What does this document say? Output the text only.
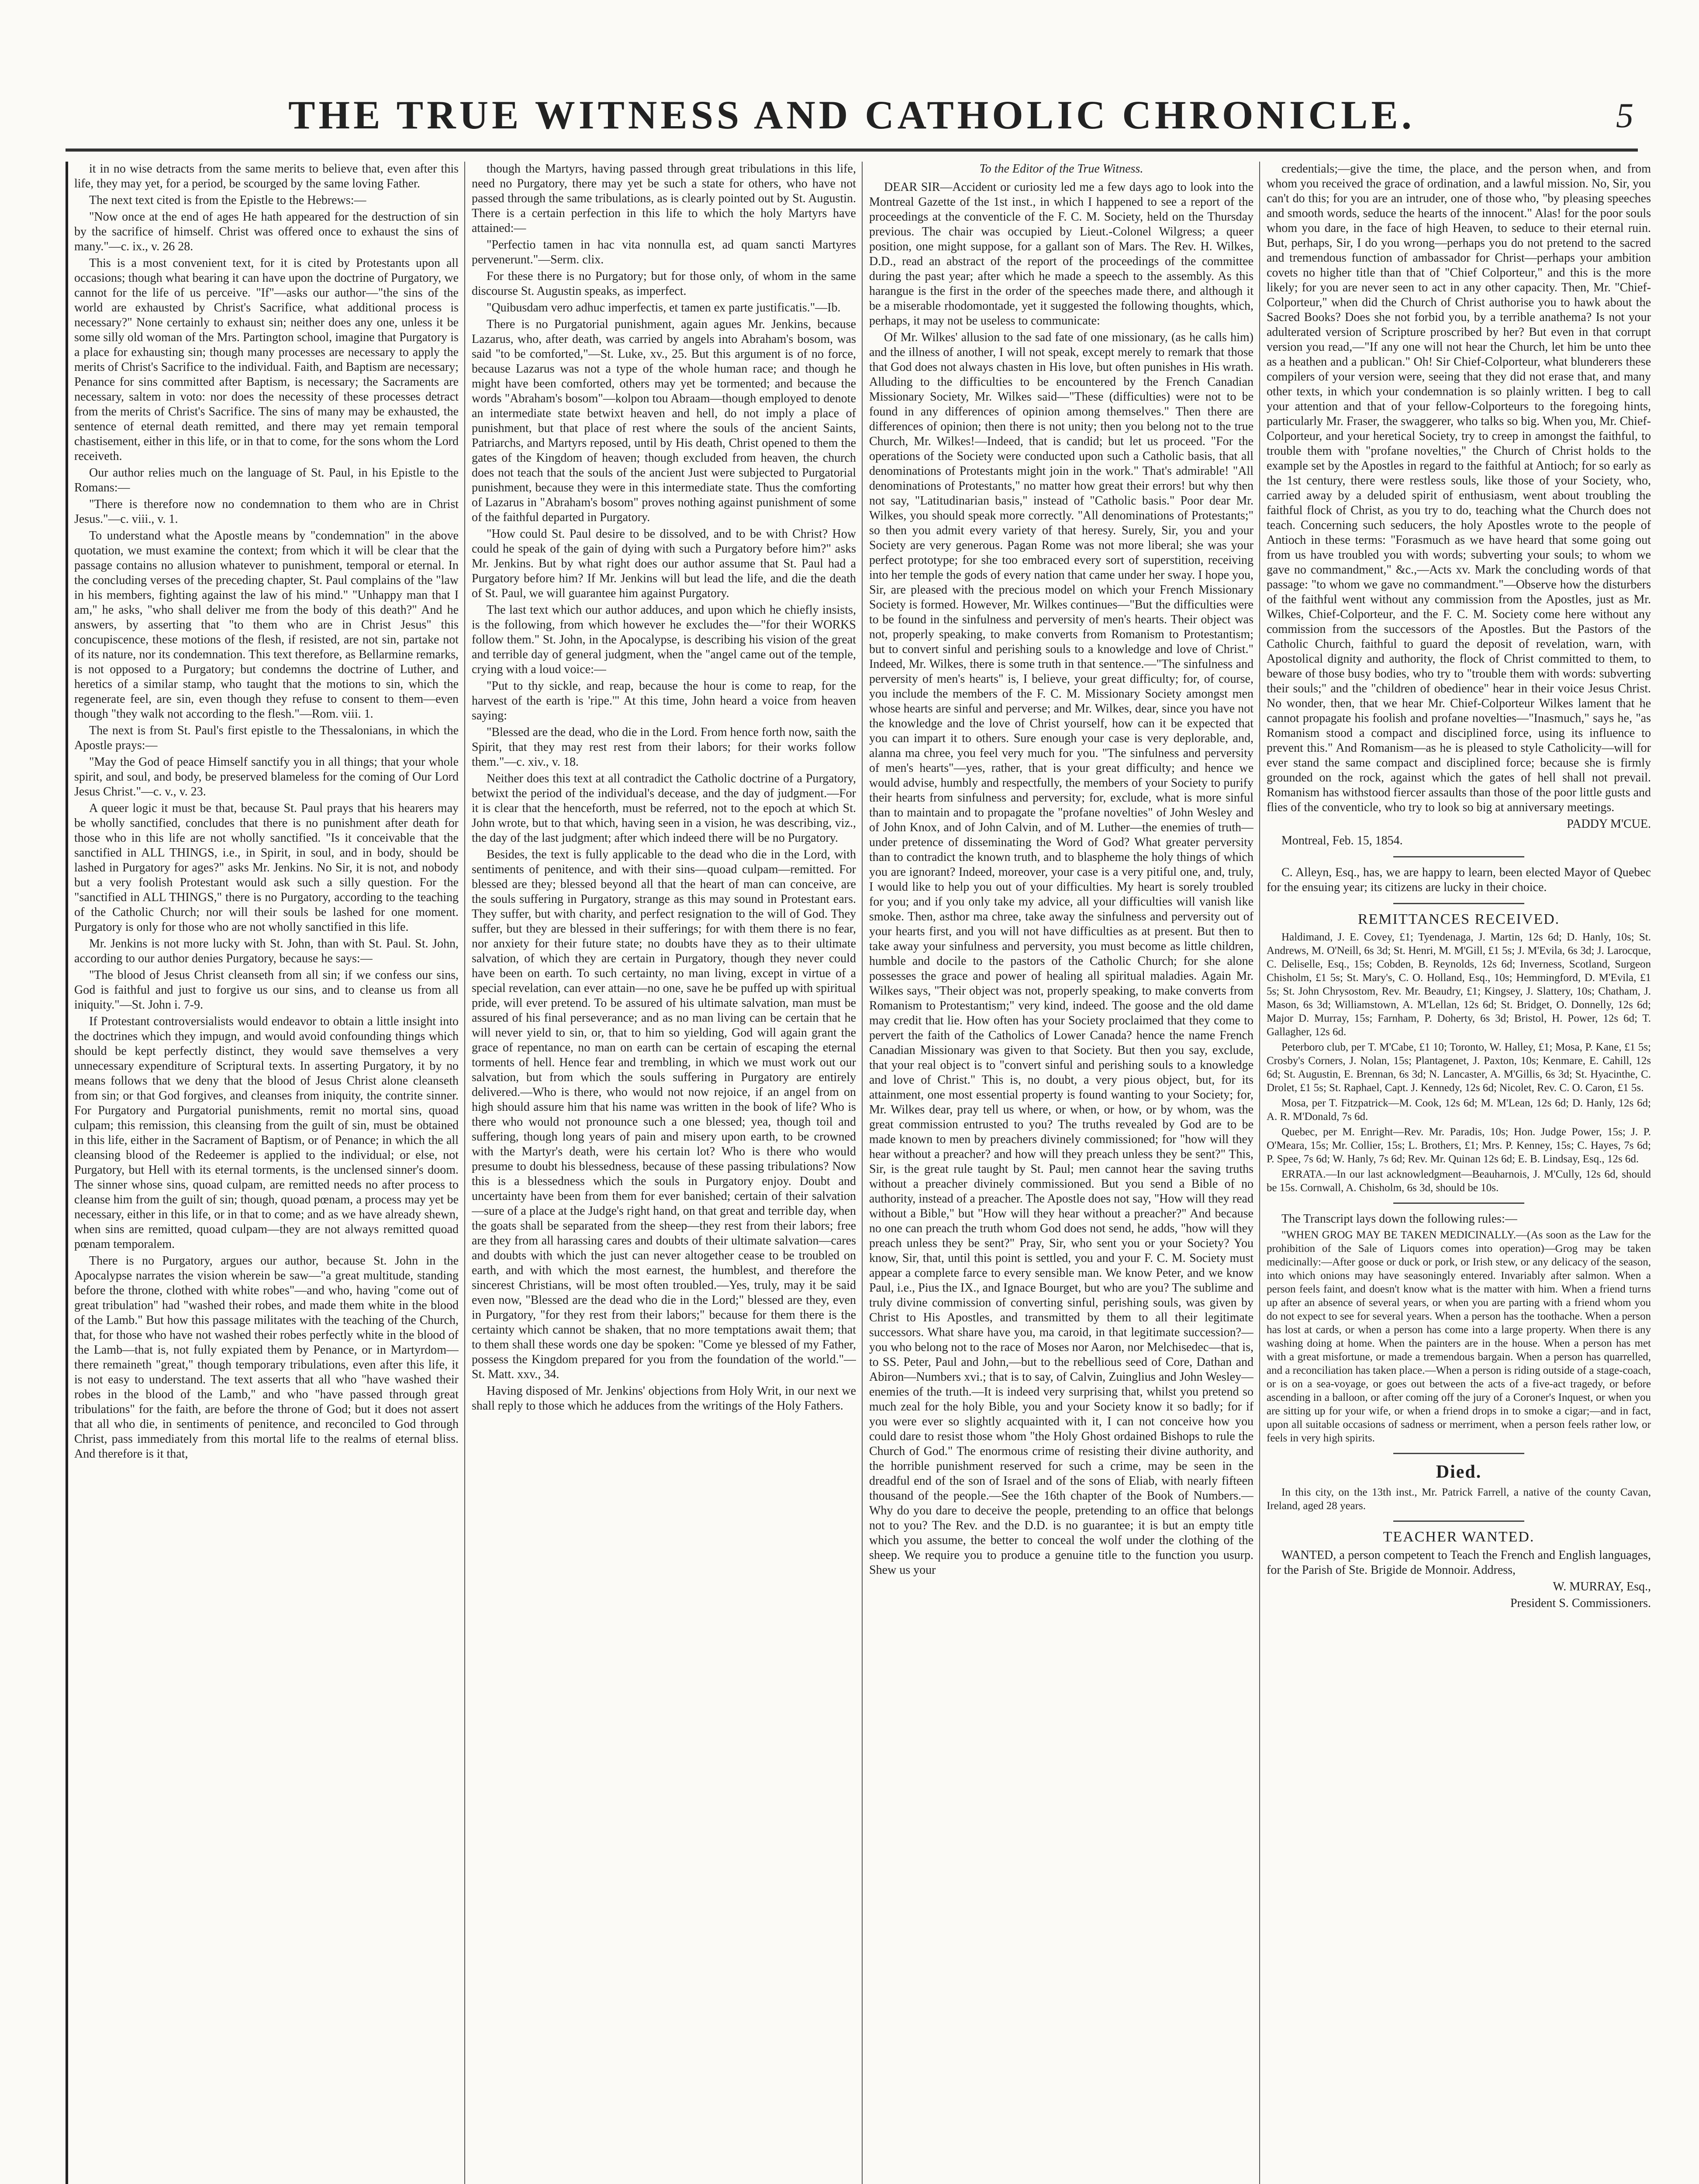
THE TRUE WITNESS AND CATHOLIC CHRONICLE.	5

it in no wise detracts from the same merits to believe that, even after this life, they may yet, for a period, be scourged by the same loving Father.

The next text cited is from the Epistle to the Hebrews:—

"Now once at the end of ages He hath appeared for the destruction of sin by the sacrifice of himself. Christ was offered once to exhaust the sins of many."—c. ix., v. 26 28.

This is a most convenient text, for it is cited by Protestants upon all occasions; though what bearing it can have upon the doctrine of Purgatory, we cannot for the life of us perceive. "If"—asks our author—"the sins of the world are exhausted by Christ's Sacrifice, what additional process is necessary?" None certainly to exhaust sin; neither does any one, unless it be some silly old woman of the Mrs. Partington school, imagine that Purgatory is a place for exhausting sin; though many processes are necessary to apply the merits of Christ's Sacrifice to the individual. Faith, and Baptism are necessary; Penance for sins committed after Baptism, is necessary; the Sacraments are necessary, saltem in voto: nor does the necessity of these processes detract from the merits of Christ's Sacrifice. The sins of many may be exhausted, the sentence of eternal death remitted, and there may yet remain temporal chastisement, either in this life, or in that to come, for the sons whom the Lord receiveth.

Our author relies much on the language of St. Paul, in his Epistle to the Romans:—

"There is therefore now no condemnation to them who are in Christ Jesus."—c. viii., v. 1.

To understand what the Apostle means by "condemnation" in the above quotation, we must examine the context; from which it will be clear that the passage contains no allusion whatever to punishment, temporal or eternal. In the concluding verses of the preceding chapter, St. Paul complains of the "law in his members, fighting against the law of his mind." "Unhappy man that I am," he asks, "who shall deliver me from the body of this death?" And he answers, by asserting that "to them who are in Christ Jesus" this concupiscence, these motions of the flesh, if resisted, are not sin, partake not of its nature, nor its condemnation. This text therefore, as Bellarmine remarks, is not opposed to a Purgatory; but condemns the doctrine of Luther, and heretics of a similar stamp, who taught that the motions to sin, which the regenerate feel, are sin, even though they refuse to consent to them—even though "they walk not according to the flesh."—Rom. viii. 1.

The next is from St. Paul's first epistle to the Thessalonians, in which the Apostle prays:—

"May the God of peace Himself sanctify you in all things; that your whole spirit, and soul, and body, be preserved blameless for the coming of Our Lord Jesus Christ."—c. v., v. 23.

A queer logic it must be that, because St. Paul prays that his hearers may be wholly sanctified, concludes that there is no punishment after death for those who in this life are not wholly sanctified. "Is it conceivable that the sanctified in ALL THINGS, i.e., in Spirit, in soul, and in body, should be lashed in Purgatory for ages?" asks Mr. Jenkins. No Sir, it is not, and nobody but a very foolish Protestant would ask such a silly question. For the "sanctified in ALL THINGS," there is no Purgatory, according to the teaching of the Catholic Church; nor will their souls be lashed for one moment. Purgatory is only for those who are not wholly sanctified in this life.

Mr. Jenkins is not more lucky with St. John, than with St. Paul. St. John, according to our author denies Purgatory, because he says:—

"The blood of Jesus Christ cleanseth from all sin; if we confess our sins, God is faithful and just to forgive us our sins, and to cleanse us from all iniquity."—St. John i. 7-9.

If Protestant controversialists would endeavor to obtain a little insight into the doctrines which they impugn, and would avoid confounding things which should be kept perfectly distinct, they would save themselves a very unnecessary expenditure of Scriptural texts. In asserting Purgatory, it by no means follows that we deny that the blood of Jesus Christ alone cleanseth from sin; or that God forgives, and cleanses from iniquity, the contrite sinner. For Purgatory and Purgatorial punishments, remit no mortal sins, quoad culpam; this remission, this cleansing from the guilt of sin, must be obtained in this life, either in the Sacrament of Baptism, or of Penance; in which the all cleansing blood of the Redeemer is applied to the individual; or else, not Purgatory, but Hell with its eternal torments, is the unclensed sinner's doom. The sinner whose sins, quoad culpam, are remitted needs no after process to cleanse him from the guilt of sin; though, quoad pœnam, a process may yet be necessary, either in this life, or in that to come; and as we have already shewn, when sins are remitted, quoad culpam—they are not always remitted quoad pœnam temporalem.

There is no Purgatory, argues our author, because St. John in the Apocalypse narrates the vision wherein be saw—"a great multitude, standing before the throne, clothed with white robes"—and who, having "come out of great tribulation" had "washed their robes, and made them white in the blood of the Lamb." But how this passage militates with the teaching of the Church, that, for those who have not washed their robes perfectly white in the blood of the Lamb—that is, not fully expiated them by Penance, or in Martyrdom—there remaineth "great," though temporary tribulations, even after this life, it is not easy to understand. The text asserts that all who "have washed their robes in the blood of the Lamb," and who "have passed through great tribulations" for the faith, are before the throne of God; but it does not assert that all who die, in sentiments of penitence, and reconciled to God through Christ, pass immediately from this mortal life to the realms of eternal bliss. And therefore is it that,

though the Martyrs, having passed through great tribulations in this life, need no Purgatory, there may yet be such a state for others, who have not passed through the same tribulations, as is clearly pointed out by St. Augustin. There is a certain perfection in this life to which the holy Martyrs have attained:—

"Perfectio tamen in hac vita nonnulla est, ad quam sancti Martyres pervenerunt."—Serm. clix.

For these there is no Purgatory; but for those only, of whom in the same discourse St. Augustin speaks, as imperfect.

"Quibusdam vero adhuc imperfectis, et tamen ex parte justificatis."—Ib.

There is no Purgatorial punishment, again agues Mr. Jenkins, because Lazarus, who, after death, was carried by angels into Abraham's bosom, was said "to be comforted,"—St. Luke, xv., 25. But this argument is of no force, because Lazarus was not a type of the whole human race; and though he might have been comforted, others may yet be tormented; and because the words "Abraham's bosom"—kolpon tou Abraam—though employed to denote an intermediate state betwixt heaven and hell, do not imply a place of punishment, but that place of rest where the souls of the ancient Saints, Patriarchs, and Martyrs reposed, until by His death, Christ opened to them the gates of the Kingdom of heaven; though excluded from heaven, the church does not teach that the souls of the ancient Just were subjected to Purgatorial punishment, because they were in this intermediate state. Thus the comforting of Lazarus in "Abraham's bosom" proves nothing against punishment of some of the faithful departed in Purgatory.

"How could St. Paul desire to be dissolved, and to be with Christ? How could he speak of the gain of dying with such a Purgatory before him?" asks Mr. Jenkins. But by what right does our author assume that St. Paul had a Purgatory before him? If Mr. Jenkins will but lead the life, and die the death of St. Paul, we will guarantee him against Purgatory.

The last text which our author adduces, and upon which he chiefly insists, is the following, from which however he excludes the—"for their WORKS follow them." St. John, in the Apocalypse, is describing his vision of the great and terrible day of general judgment, when the "angel came out of the temple, crying with a loud voice:—

"Put to thy sickle, and reap, because the hour is come to reap, for the harvest of the earth is 'ripe.'" At this time, John heard a voice from heaven saying:

"Blessed are the dead, who die in the Lord. From hence forth now, saith the Spirit, that they may rest rest from their labors; for their works follow them."—c. xiv., v. 18.

Neither does this text at all contradict the Catholic doctrine of a Purgatory, betwixt the period of the individual's decease, and the day of judgment.—For it is clear that the henceforth, must be referred, not to the epoch at which St. John wrote, but to that which, having seen in a vision, he was describing, viz., the day of the last judgment; after which indeed there will be no Purgatory.

Besides, the text is fully applicable to the dead who die in the Lord, with sentiments of penitence, and with their sins—quoad culpam—remitted. For blessed are they; blessed beyond all that the heart of man can conceive, are the souls suffering in Purgatory, strange as this may sound in Protestant ears. They suffer, but with charity, and perfect resignation to the will of God. They suffer, but they are blessed in their sufferings; for with them there is no fear, nor anxiety for their future state; no doubts have they as to their ultimate salvation, of which they are certain in Purgatory, though they never could have been on earth. To such certainty, no man living, except in virtue of a special revelation, can ever attain—no one, save he be puffed up with spiritual pride, will ever pretend. To be assured of his ultimate salvation, man must be assured of his final perseverance; and as no man living can be certain that he will never yield to sin, or, that to him so yielding, God will again grant the grace of repentance, no man on earth can be certain of escaping the eternal torments of hell. Hence fear and trembling, in which we must work out our salvation, but from which the souls suffering in Purgatory are entirely delivered.—Who is there, who would not now rejoice, if an angel from on high should assure him that his name was written in the book of life? Who is there who would not pronounce such a one blessed; yea, though toil and suffering, though long years of pain and misery upon earth, to be crowned with the Martyr's death, were his certain lot? Who is there who would presume to doubt his blessedness, because of these passing tribulations? Now this is a blessedness which the souls in Purgatory enjoy. Doubt and uncertainty have been from them for ever banished; certain of their salvation—sure of a place at the Judge's right hand, on that great and terrible day, when the goats shall be separated from the sheep—they rest from their labors; free are they from all harassing cares and doubts of their ultimate salvation—cares and doubts with which the just can never altogether cease to be troubled on earth, and with which the most earnest, the humblest, and therefore the sincerest Christians, will be most often troubled.—Yes, truly, may it be said even now, "Blessed are the dead who die in the Lord;" blessed are they, even in Purgatory, "for they rest from their labors;" because for them there is the certainty which cannot be shaken, that no more temptations await them; that to them shall these words one day be spoken: "Come ye blessed of my Father, possess the Kingdom prepared for you from the foundation of the world."—St. Matt. xxv., 34.

Having disposed of Mr. Jenkins' objections from Holy Writ, in our next we shall reply to those which he adduces from the writings of the Holy Fathers.

To the Editor of the True Witness.

DEAR SIR—Accident or curiosity led me a few days ago to look into the Montreal Gazette of the 1st inst., in which I happened to see a report of the proceedings at the conventicle of the F. C. M. Society, held on the Thursday previous. The chair was occupied by Lieut.-Colonel Wilgress; a queer position, one might suppose, for a gallant son of Mars. The Rev. H. Wilkes, D.D., read an abstract of the report of the proceedings of the committee during the past year; after which he made a speech to the assembly. As this harangue is the first in the order of the speeches made there, and although it be a miserable rhodomontade, yet it suggested the following thoughts, which, perhaps, it may not be useless to communicate:

Of Mr. Wilkes' allusion to the sad fate of one missionary, (as he calls him) and the illness of another, I will not speak, except merely to remark that those that God does not always chasten in His love, but often punishes in His wrath. Alluding to the difficulties to be encountered by the French Canadian Missionary Society, Mr. Wilkes said—"These (difficulties) were not to be found in any differences of opinion among themselves." Then there are differences of opinion; then there is not unity; then you belong not to the true Church, Mr. Wilkes!—Indeed, that is candid; but let us proceed. "For the operations of the Society were conducted upon such a Catholic basis, that all denominations of Protestants might join in the work." That's admirable! "All denominations of Protestants," no matter how great their errors! but why then not say, "Latitudinarian basis," instead of "Catholic basis." Poor dear Mr. Wilkes, you should speak more correctly. "All denominations of Protestants;" so then you admit every variety of that heresy. Surely, Sir, you and your Society are very generous. Pagan Rome was not more liberal; she was your perfect prototype; for she too embraced every sort of superstition, receiving into her temple the gods of every nation that came under her sway. I hope you, Sir, are pleased with the precious model on which your French Missionary Society is formed. However, Mr. Wilkes continues—"But the difficulties were to be found in the sinfulness and perversity of men's hearts. Their object was not, properly speaking, to make converts from Romanism to Protestantism; but to convert sinful and perishing souls to a knowledge and love of Christ." Indeed, Mr. Wilkes, there is some truth in that sentence.—"The sinfulness and perversity of men's hearts" is, I believe, your great difficulty; for, of course, you include the members of the F. C. M. Missionary Society amongst men whose hearts are sinful and perverse; and Mr. Wilkes, dear, since you have not the knowledge and the love of Christ yourself, how can it be expected that you can impart it to others. Sure enough your case is very deplorable, and, alanna ma chree, you feel very much for you. "The sinfulness and perversity of men's hearts"—yes, rather, that is your great difficulty; and hence we would advise, humbly and respectfully, the members of your Society to purify their hearts from sinfulness and perversity; for, exclude, what is more sinful than to maintain and to propagate the "profane novelties" of John Wesley and of John Knox, and of John Calvin, and of M. Luther—the enemies of truth—under pretence of disseminating the Word of God? What greater perversity than to contradict the known truth, and to blaspheme the holy things of which you are ignorant? Indeed, moreover, your case is a very pitiful one, and, truly, I would like to help you out of your difficulties. My heart is sorely troubled for you; and if you only take my advice, all your difficulties will vanish like smoke. Then, asthor ma chree, take away the sinfulness and perversity out of your hearts first, and you will not have difficulties as at present. But then to take away your sinfulness and perversity, you must become as little children, humble and docile to the pastors of the Catholic Church; for she alone possesses the grace and power of healing all spiritual maladies. Again Mr. Wilkes says, "Their object was not, properly speaking, to make converts from Romanism to Protestantism;" very kind, indeed. The goose and the old dame may credit that lie. How often has your Society proclaimed that they come to pervert the faith of the Catholics of Lower Canada? hence the name French Canadian Missionary was given to that Society. But then you say, exclude, that your real object is to "convert sinful and perishing souls to a knowledge and love of Christ." This is, no doubt, a very pious object, but, for its attainment, one most essential property is found wanting to your Society; for, Mr. Wilkes dear, pray tell us where, or when, or how, or by whom, was the great commission entrusted to you? The truths revealed by God are to be made known to men by preachers divinely commissioned; for "how will they hear without a preacher? and how will they preach unless they be sent?" This, Sir, is the great rule taught by St. Paul; men cannot hear the saving truths without a preacher divinely commissioned. But you send a Bible of no authority, instead of a preacher. The Apostle does not say, "How will they read without a Bible," but "How will they hear without a preacher?" And because no one can preach the truth whom God does not send, he adds, "how will they preach unless they be sent?" Pray, Sir, who sent you or your Society? You know, Sir, that, until this point is settled, you and your F. C. M. Society must appear a complete farce to every sensible man. We know Peter, and we know Paul, i.e., Pius the IX., and Ignace Bourget, but who are you? The sublime and truly divine commission of converting sinful, perishing souls, was given by Christ to His Apostles, and transmitted by them to all their legitimate successors. What share have you, ma caroid, in that legitimate succession?—you who belong not to the race of Moses nor Aaron, nor Melchisedec—that is, to SS. Peter, Paul and John,—but to the rebellious seed of Core, Dathan and Abiron—Numbers xvi.; that is to say, of Calvin, Zuinglius and John Wesley—enemies of the truth.—It is indeed very surprising that, whilst you pretend so much zeal for the holy Bible, you and your Society know it so badly; for if you were ever so slightly acquainted with it, I can not conceive how you could dare to resist those whom "the Holy Ghost ordained Bishops to rule the Church of God." The enormous crime of resisting their divine authority, and the horrible punishment reserved for such a crime, may be seen in the dreadful end of the son of Israel and of the sons of Eliab, with nearly fifteen thousand of the people.—See the 16th chapter of the Book of Numbers.—Why do you dare to deceive the people, pretending to an office that belongs not to you? The Rev. and the D.D. is no guarantee; it is but an empty title which you assume, the better to conceal the wolf under the clothing of the sheep. We require you to produce a genuine title to the function you usurp. Shew us your

credentials;—give the time, the place, and the person when, and from whom you received the grace of ordination, and a lawful mission. No, Sir, you can't do this; for you are an intruder, one of those who, "by pleasing speeches and smooth words, seduce the hearts of the innocent." Alas! for the poor souls whom you dare, in the face of high Heaven, to seduce to their eternal ruin. But, perhaps, Sir, I do you wrong—perhaps you do not pretend to the sacred and tremendous function of ambassador for Christ—perhaps your ambition covets no higher title than that of "Chief Colporteur," and this is the more likely; for you are never seen to act in any other capacity. Then, Mr. "Chief-Colporteur," when did the Church of Christ authorise you to hawk about the Sacred Books? Does she not forbid you, by a terrible anathema? Is not your adulterated version of Scripture proscribed by her? But even in that corrupt version you read,—"If any one will not hear the Church, let him be unto thee as a heathen and a publican." Oh! Sir Chief-Colporteur, what blunderers these compilers of your version were, seeing that they did not erase that, and many other texts, in which your condemnation is so plainly written. I beg to call your attention and that of your fellow-Colporteurs to the foregoing hints, particularly Mr. Fraser, the swaggerer, who talks so big. When you, Mr. Chief-Colporteur, and your heretical Society, try to creep in amongst the faithful, to trouble them with "profane novelties," the Church of Christ holds to the example set by the Apostles in regard to the faithful at Antioch; for so early as the 1st century, there were restless souls, like those of your Society, who, carried away by a deluded spirit of enthusiasm, went about troubling the faithful flock of Christ, as you try to do, teaching what the Church does not teach. Concerning such seducers, the holy Apostles wrote to the people of Antioch in these terms: "Forasmuch as we have heard that some going out from us have troubled you with words; subverting your souls; to whom we gave no commandment," &c.,—Acts xv. Mark the concluding words of that passage: "to whom we gave no commandment."—Observe how the disturbers of the faithful went without any commission from the Apostles, just as Mr. Wilkes, Chief-Colporteur, and the F. C. M. Society come here without any commission from the successors of the Apostles. But the Pastors of the Catholic Church, faithful to guard the deposit of revelation, warn, with Apostolical dignity and authority, the flock of Christ committed to them, to beware of those busy bodies, who try to "trouble them with words: subverting their souls;" and the "children of obedience" hear in their voice Jesus Christ. No wonder, then, that we hear Mr. Chief-Colporteur Wilkes lament that he cannot propagate his foolish and profane novelties—"Inasmuch," says he, "as Romanism stood a compact and disciplined force, using its influence to prevent this." And Romanism—as he is pleased to style Catholicity—will for ever stand the same compact and disciplined force; because she is firmly grounded on the rock, against which the gates of hell shall not prevail. Romanism has withstood fiercer assaults than those of the poor little gusts and flies of the conventicle, who try to look so big at anniversary meetings.

PADDY M'CUE.

Montreal, Feb. 15, 1854.

C. Alleyn, Esq., has, we are happy to learn, been elected Mayor of Quebec for the ensuing year; its citizens are lucky in their choice.

REMITTANCES RECEIVED.

Haldimand, J. E. Covey, £1; Tyendenaga, J. Martin, 12s 6d; D. Hanly, 10s; St. Andrews, M. O'Neill, 6s 3d; St. Henri, M. M'Gill, £1 5s; J. M'Evila, 6s 3d; J. Larocque, C. Deliselle, Esq., 15s; Cobden, B. Reynolds, 12s 6d; Inverness, Scotland, Surgeon Chisholm, £1 5s; St. Mary's, C. O. Holland, Esq., 10s; Hemmingford, D. M'Evila, £1 5s; St. John Chrysostom, Rev. Mr. Beaudry, £1; Kingsey, J. Slattery, 10s; Chatham, J. Mason, 6s 3d; Williamstown, A. M'Lellan, 12s 6d; St. Bridget, O. Donnelly, 12s 6d; Major D. Murray, 15s; Farnham, P. Doherty, 6s 3d; Bristol, H. Power, 12s 6d; T. Gallagher, 12s 6d.

Peterboro club, per T. M'Cabe, £1 10; Toronto, W. Halley, £1; Mosa, P. Kane, £1 5s; Crosby's Corners, J. Nolan, 15s; Plantagenet, J. Paxton, 10s; Kenmare, E. Cahill, 12s 6d; St. Augustin, E. Brennan, 6s 3d; N. Lancaster, A. M'Gillis, 6s 3d; St. Hyacinthe, C. Drolet, £1 5s; St. Raphael, Capt. J. Kennedy, 12s 6d; Nicolet, Rev. C. O. Caron, £1 5s.

Mosa, per T. Fitzpatrick—M. Cook, 12s 6d; M. M'Lean, 12s 6d; D. Hanly, 12s 6d; A. R. M'Donald, 7s 6d.

Quebec, per M. Enright—Rev. Mr. Paradis, 10s; Hon. Judge Power, 15s; J. P. O'Meara, 15s; Mr. Collier, 15s; L. Brothers, £1; Mrs. P. Kenney, 15s; C. Hayes, 7s 6d; P. Spee, 7s 6d; W. Hanly, 7s 6d; Rev. Mr. Quinan 12s 6d; E. B. Lindsay, Esq., 12s 6d.

ERRATA.—In our last acknowledgment—Beauharnois, J. M'Cully, 12s 6d, should be 15s. Cornwall, A. Chisholm, 6s 3d, should be 10s.

The Transcript lays down the following rules:—

"WHEN GROG MAY BE TAKEN MEDICINALLY.—(As soon as the Law for the prohibition of the Sale of Liquors comes into operation)—Grog may be taken medicinally:—After goose or duck or pork, or Irish stew, or any delicacy of the season, into which onions may have seasoningly entered. Invariably after salmon. When a person feels faint, and doesn't know what is the matter with him. When a friend turns up after an absence of several years, or when you are parting with a friend whom you do not expect to see for several years. When a person has the toothache. When a person has lost at cards, or when a person has come into a large property. When there is any washing doing at home. When the painters are in the house. When a person has met with a great misfortune, or made a tremendous bargain. When a person has quarrelled, and a reconciliation has taken place.—When a person is riding outside of a stage-coach, or is on a sea-voyage, or goes out between the acts of a five-act tragedy, or before ascending in a balloon, or after coming off the jury of a Coroner's Inquest, or when you are sitting up for your wife, or when a friend drops in to smoke a cigar;—and in fact, upon all suitable occasions of sadness or merriment, when a person feels rather low, or feels in very high spirits.

Died.

In this city, on the 13th inst., Mr. Patrick Farrell, a native of the county Cavan, Ireland, aged 28 years.

TEACHER WANTED.

WANTED, a person competent to Teach the French and English languages, for the Parish of Ste. Brigide de Monnoir. Address,

W. MURRAY, Esq.,
President S. Commissioners.
